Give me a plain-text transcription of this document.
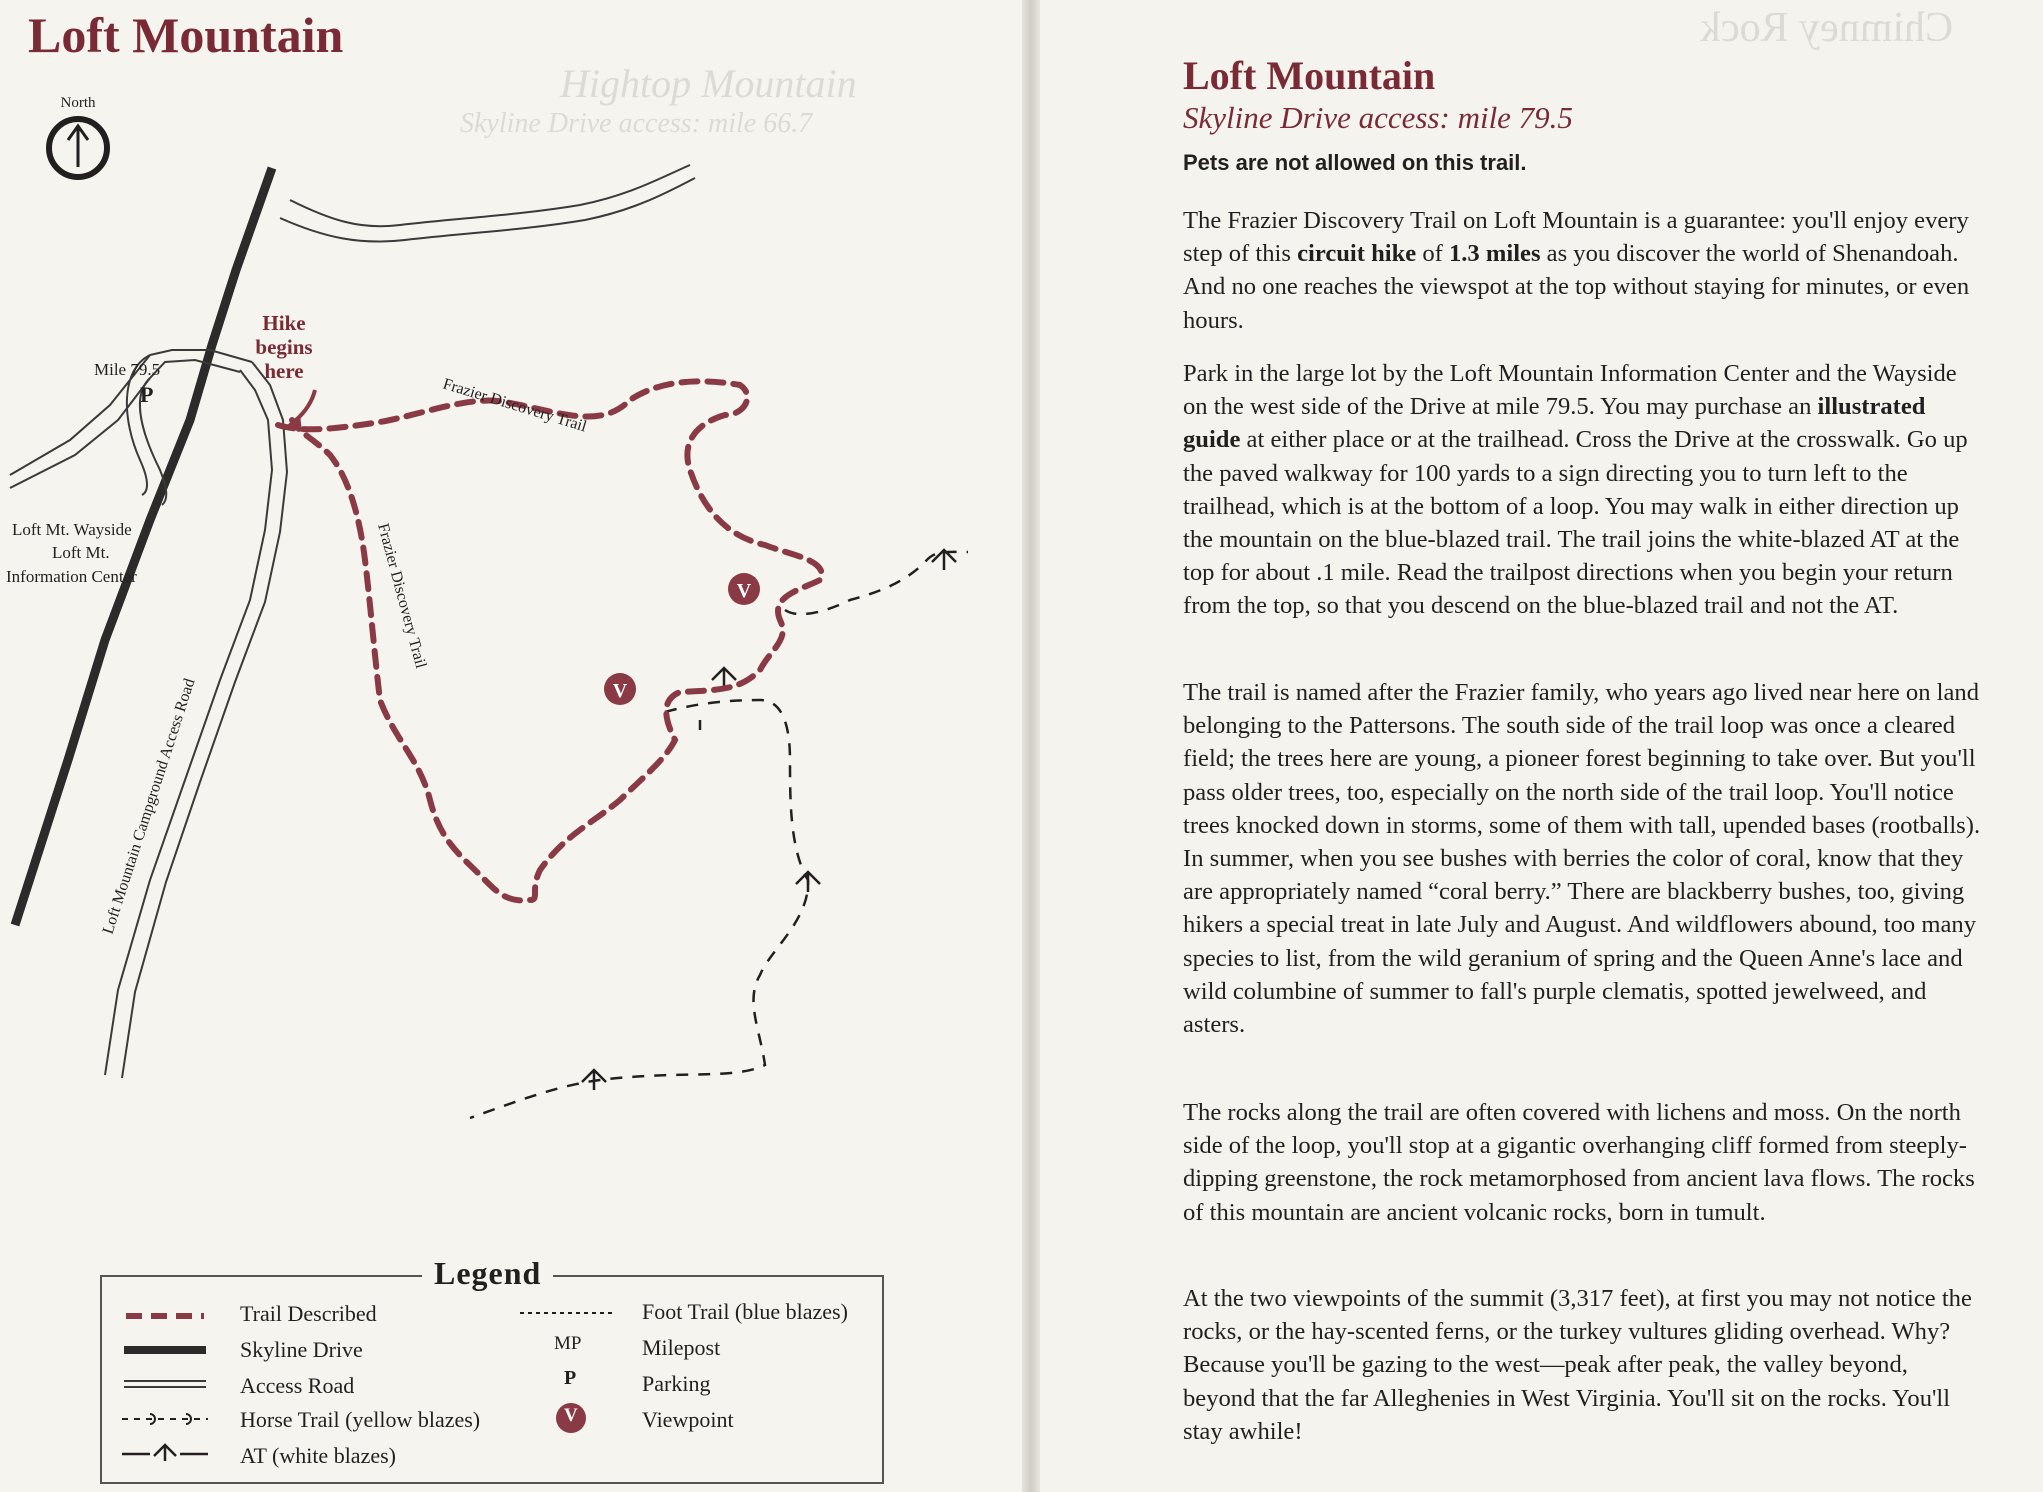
Hightop Mountain
Skyline Drive access: mile 66.7
Chimney Rock
Loft Mountain
North
V
V
Hike
begins
here
Mile 79.5
P
Loft Mt. Wayside
Loft Mt.
Information Center
Loft Mountain Campground Access Road
Frazier Discovery Trail
Frazier Discovery Trail
Legend
Trail Described
Skyline Drive
Access Road
Horse Trail (yellow blazes)
AT (white blazes)
Foot Trail (blue blazes)
MP	Milepost
P	Parking
V	Viewpoint
Loft Mountain
Skyline Drive access: mile 79.5
Pets are not allowed on this trail.

The Frazier Discovery Trail on Loft Mountain is a guarantee: you'll enjoy every step of this circuit hike of 1.3 miles as you discover the world of Shenandoah. And no one reaches the viewspot at the top without staying for minutes, or even hours.

Park in the large lot by the Loft Mountain Information Center and the Wayside on the west side of the Drive at mile 79.5. You may purchase an illustrated guide at either place or at the trailhead. Cross the Drive at the crosswalk. Go up the paved walkway for 100 yards to a sign directing you to turn left to the trailhead, which is at the bottom of a loop. You may walk in either direction up the mountain on the blue-blazed trail. The trail joins the white-blazed AT at the top for about .1 mile. Read the trailpost directions when you begin your return from the top, so that you descend on the blue-blazed trail and not the AT.

The trail is named after the Frazier family, who years ago lived near here on land belonging to the Pattersons. The south side of the trail loop was once a cleared field; the trees here are young, a pioneer forest beginning to take over. But you'll pass older trees, too, especially on the north side of the trail loop. You'll notice trees knocked down in storms, some of them with tall, upended bases (rootballs). In summer, when you see bushes with berries the color of coral, know that they are appropriately named “coral berry.” There are blackberry bushes, too, giving hikers a special treat in late July and August. And wildflowers abound, too many species to list, from the wild geranium of spring and the Queen Anne's lace and wild columbine of summer to fall's purple clematis, spotted jewelweed, and asters.

The rocks along the trail are often covered with lichens and moss. On the north side of the loop, you'll stop at a gigantic overhanging cliff formed from steeply-dipping greenstone, the rock metamorphosed from ancient lava flows. The rocks of this mountain are ancient volcanic rocks, born in tumult.

At the two viewpoints of the summit (3,317 feet), at first you may not notice the rocks, or the hay-scented ferns, or the turkey vultures gliding overhead. Why? Because you'll be gazing to the west—peak after peak, the valley beyond, beyond that the far Alleghenies in West Virginia. You'll sit on the rocks. You'll stay awhile!
